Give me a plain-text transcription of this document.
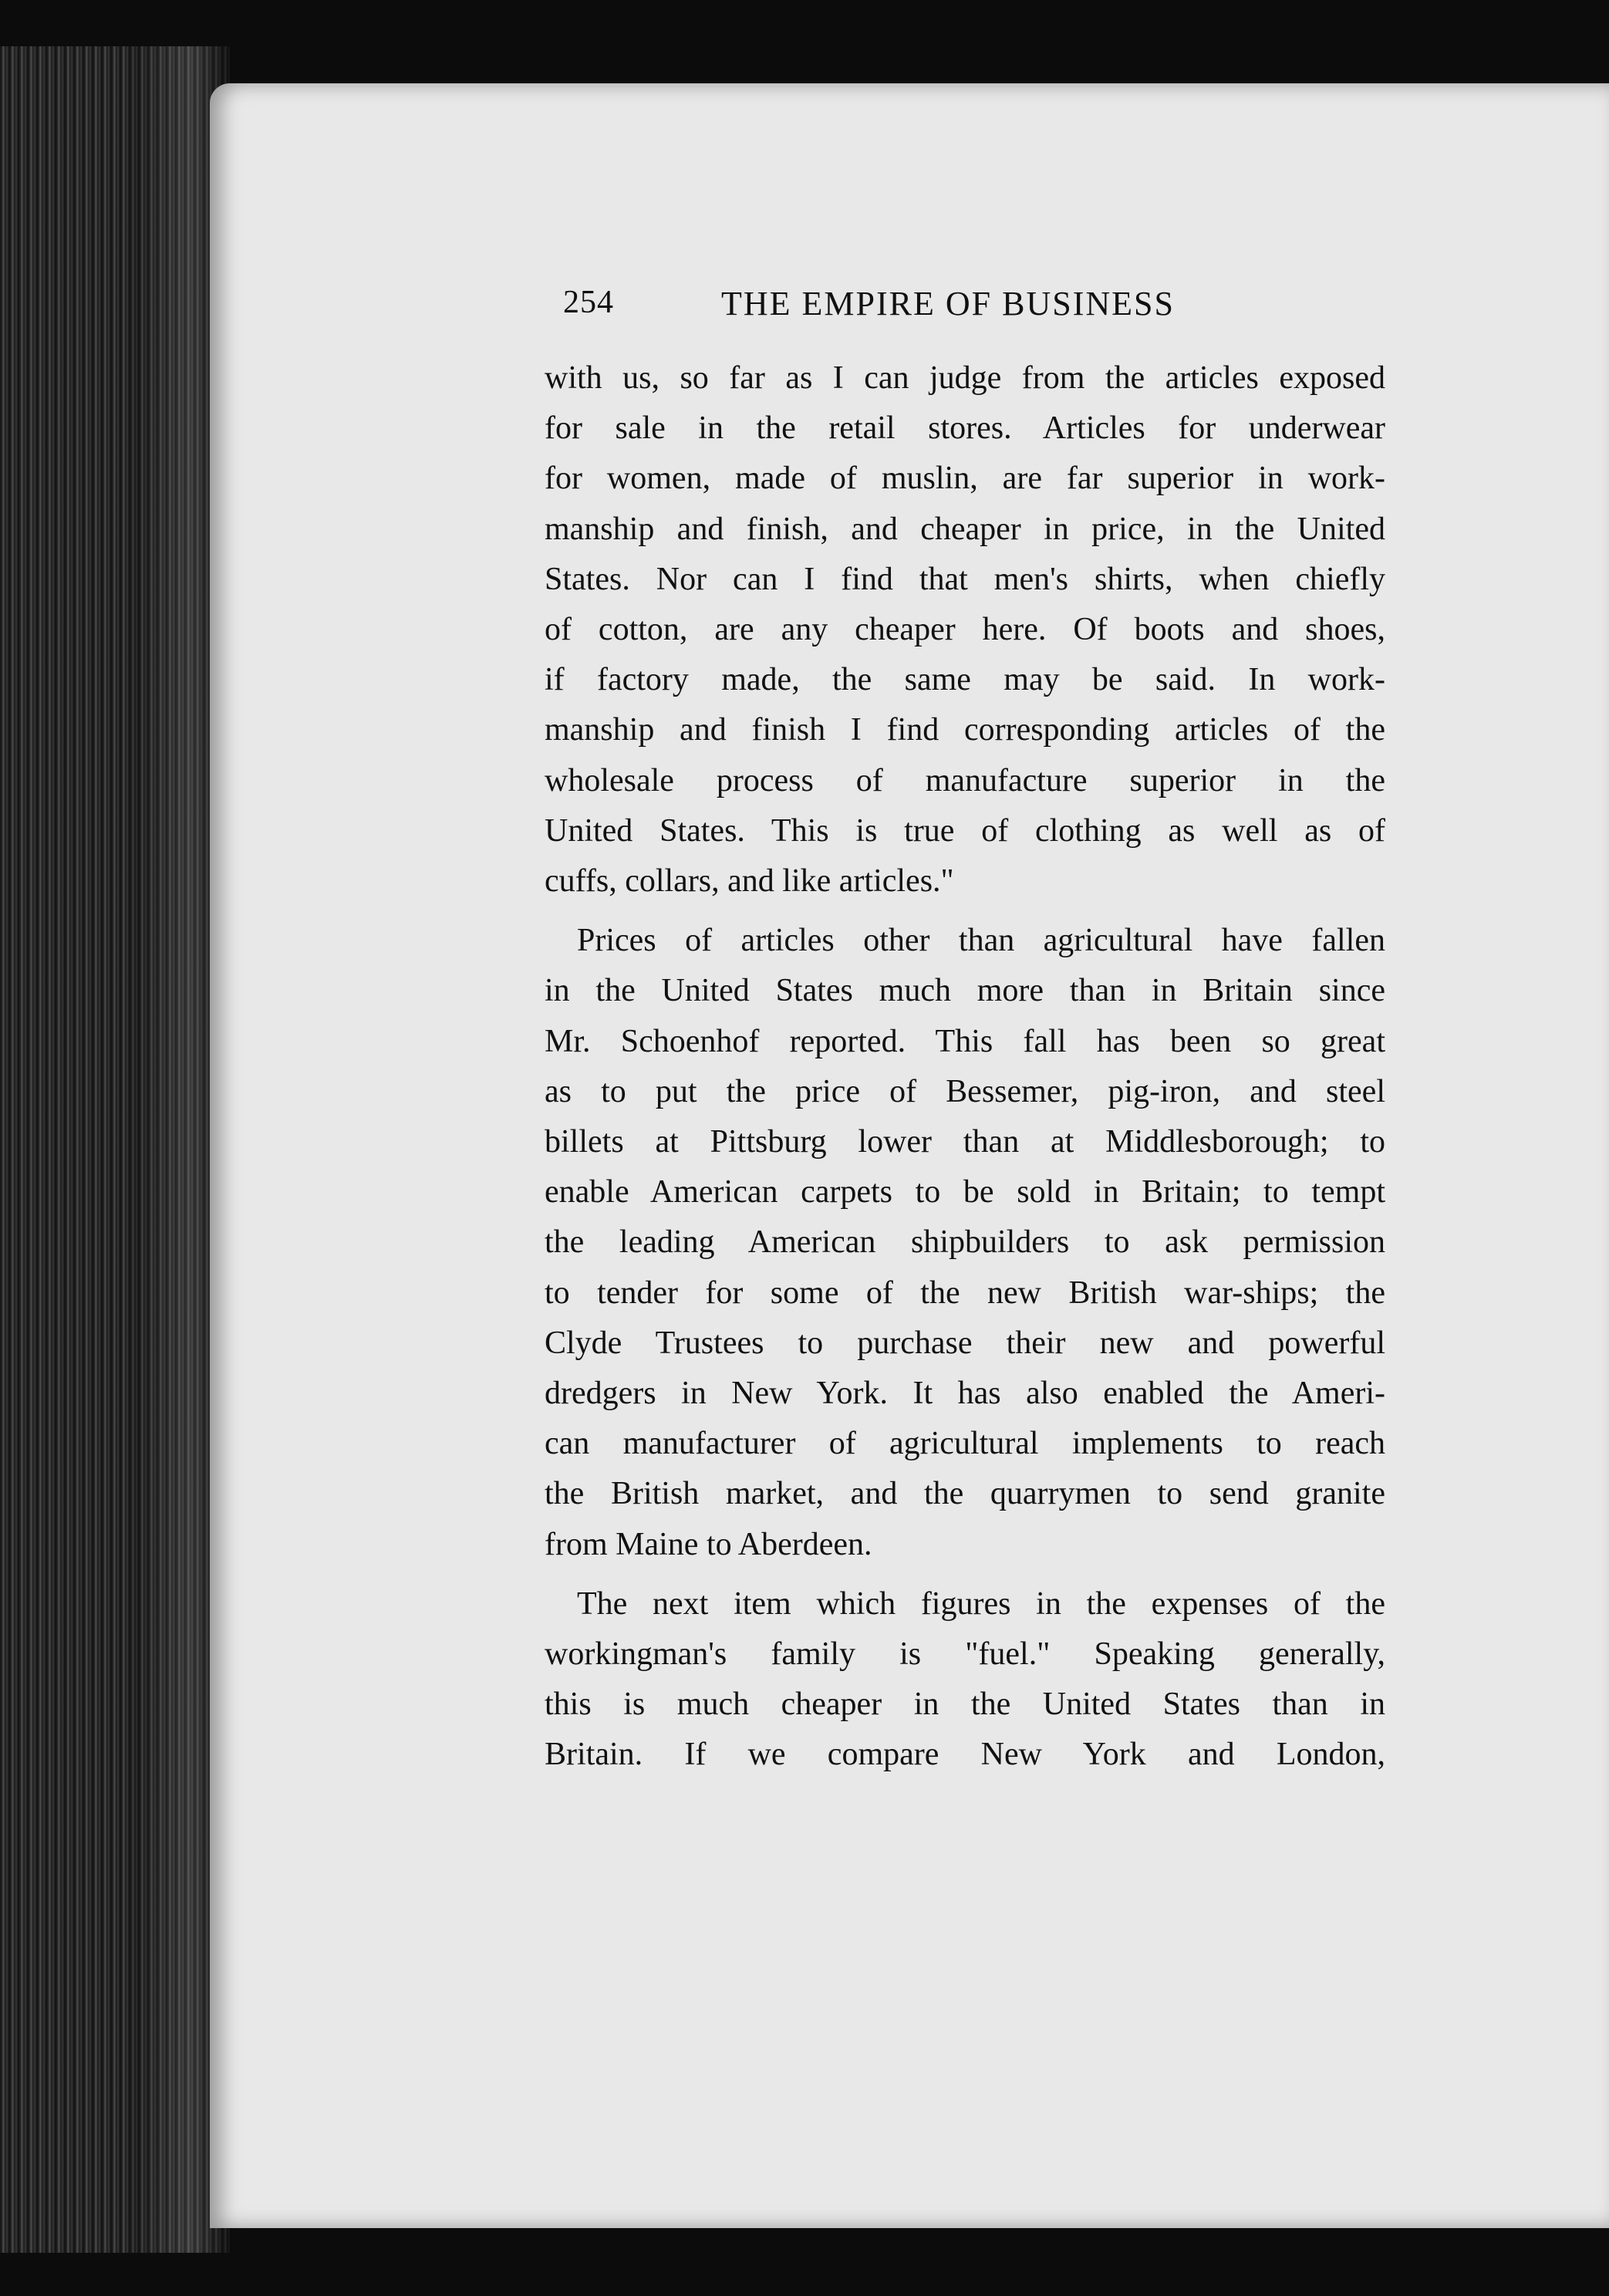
254	THE EMPIRE OF BUSINESS
with us, so far as I can judge from the articles exposed
for sale in the retail stores. Articles for underwear
for women, made of muslin, are far superior in work-
manship and finish, and cheaper in price, in the United
States. Nor can I find that men's shirts, when chiefly
of cotton, are any cheaper here. Of boots and shoes,
if factory made, the same may be said. In work-
manship and finish I find corresponding articles of the
wholesale process of manufacture superior in the
United States. This is true of clothing as well as of
cuffs, collars, and like articles."
Prices of articles other than agricultural have fallen
in the United States much more than in Britain since
Mr. Schoenhof reported. This fall has been so great
as to put the price of Bessemer, pig-iron, and steel
billets at Pittsburg lower than at Middlesborough; to
enable American carpets to be sold in Britain; to tempt
the leading American shipbuilders to ask permission
to tender for some of the new British war-ships; the
Clyde Trustees to purchase their new and powerful
dredgers in New York. It has also enabled the Ameri-
can manufacturer of agricultural implements to reach
the British market, and the quarrymen to send granite
from Maine to Aberdeen.
The next item which figures in the expenses of the
workingman's family is "fuel." Speaking generally,
this is much cheaper in the United States than in
Britain. If we compare New York and London,
